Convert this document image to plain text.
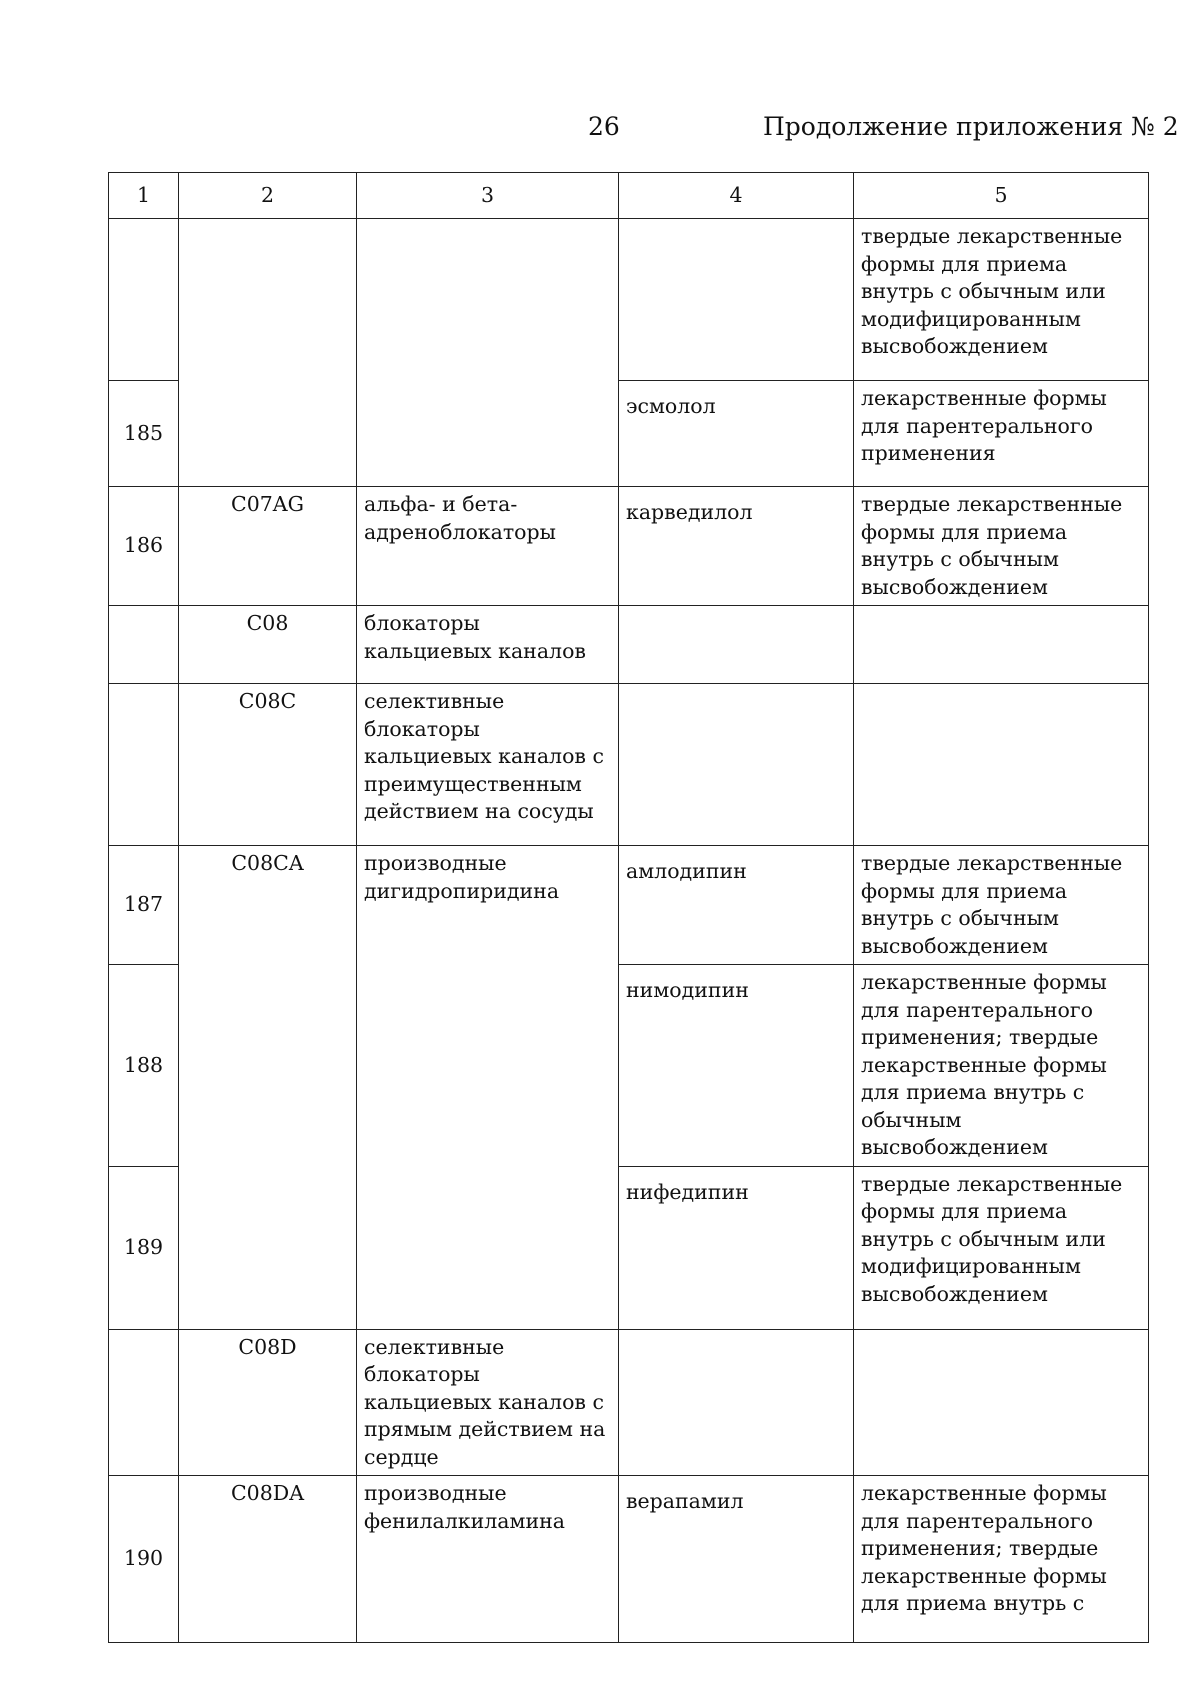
26	Продолжение приложения № 2
1	2	3	4	5
				твердые лекарственные формы для приема внутрь с обычным или модифицированным высвобождением
185			эсмолол	лекарственные формы для парентерального применения
186	C07AG	альфа- и бета-адреноблокаторы	карведилол	твердые лекарственные формы для приема внутрь с обычным высвобождением
	C08	блокаторы кальциевых каналов		
	C08C	селективные блокаторы кальциевых каналов с преимущественным действием на сосуды		
187	C08CA	производные дигидропиридина	амлодипин	твердые лекарственные формы для приема внутрь с обычным высвобождением
188			нимодипин	лекарственные формы для парентерального применения; твердые лекарственные формы для приема внутрь с обычным высвобождением
189			нифедипин	твердые лекарственные формы для приема внутрь с обычным или модифицированным высвобождением
	C08D	селективные блокаторы кальциевых каналов с прямым действием на сердце		
190	C08DA	производные фенилалкиламина	верапамил	лекарственные формы для парентерального применения; твердые лекарственные формы для приема внутрь с
